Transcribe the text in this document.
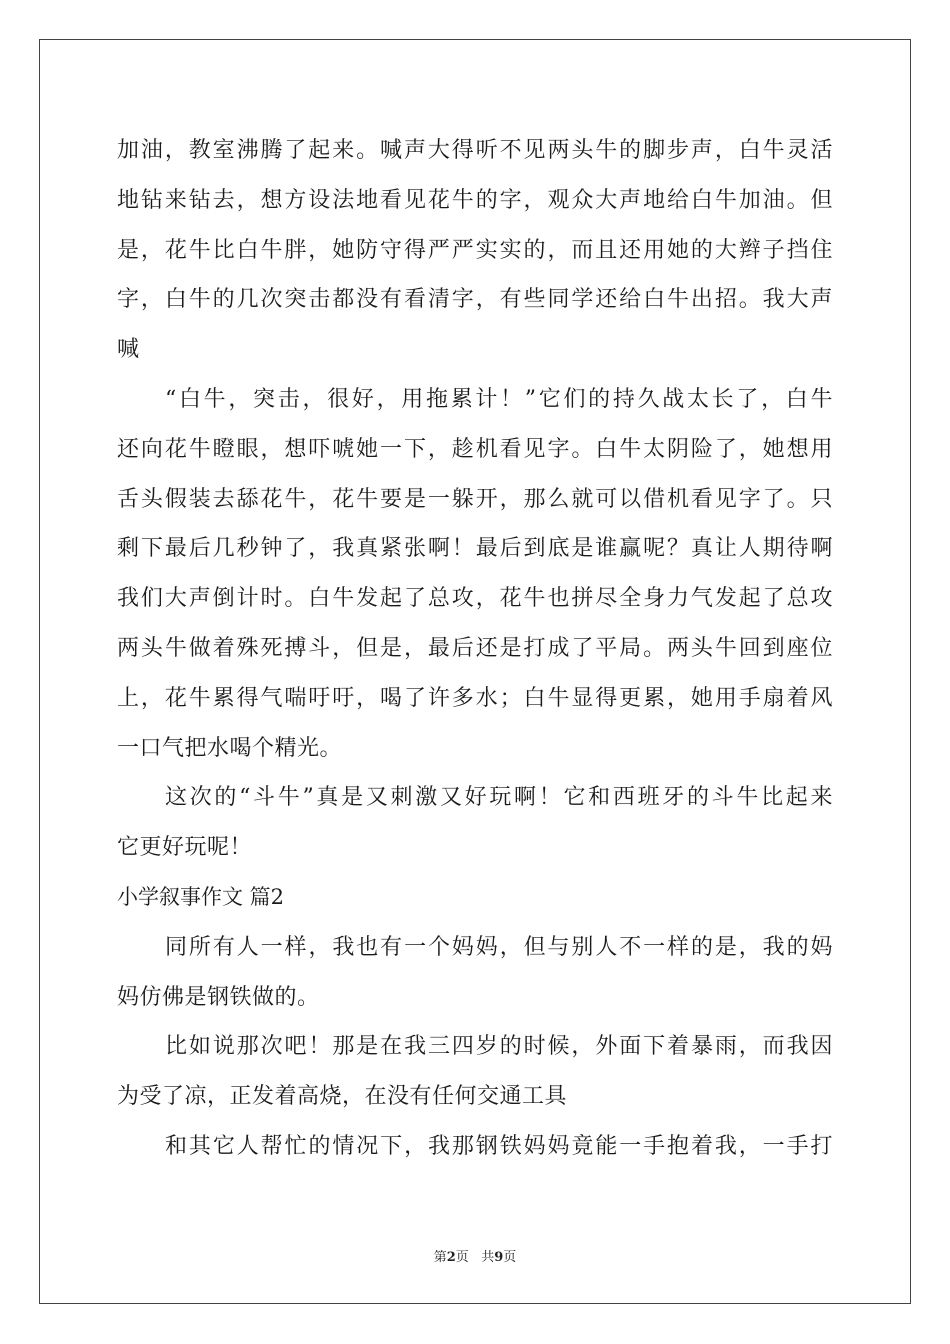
加油，教室沸腾了起来。喊声大得听不见两头牛的脚步声，白牛灵活
地钻来钻去，想方设法地看见花牛的字，观众大声地给白牛加油。但
是，花牛比白牛胖，她防守得严严实实的，而且还用她的大辫子挡住
字，白牛的几次突击都没有看清字，有些同学还给白牛出招。我大声
喊
“白牛，突击，很好，用拖累计！”它们的持久战太长了，白牛
还向花牛瞪眼，想吓唬她一下，趁机看见字。白牛太阴险了，她想用
舌头假装去舔花牛，花牛要是一躲开，那么就可以借机看见字了。只
剩下最后几秒钟了，我真紧张啊！最后到底是谁赢呢？真让人期待啊
我们大声倒计时。白牛发起了总攻，花牛也拼尽全身力气发起了总攻
两头牛做着殊死搏斗，但是，最后还是打成了平局。两头牛回到座位
上，花牛累得气喘吁吁，喝了许多水；白牛显得更累，她用手扇着风
一口气把水喝个精光。
这次的“斗牛”真是又刺激又好玩啊！它和西班牙的斗牛比起来
它更好玩呢！
小学叙事作文 篇2
同所有人一样，我也有一个妈妈，但与别人不一样的是，我的妈
妈仿佛是钢铁做的。
比如说那次吧！那是在我三四岁的时候，外面下着暴雨，而我因
为受了凉，正发着高烧，在没有任何交通工具
和其它人帮忙的情况下，我那钢铁妈妈竟能一手抱着我，一手打
第2页 共9页
